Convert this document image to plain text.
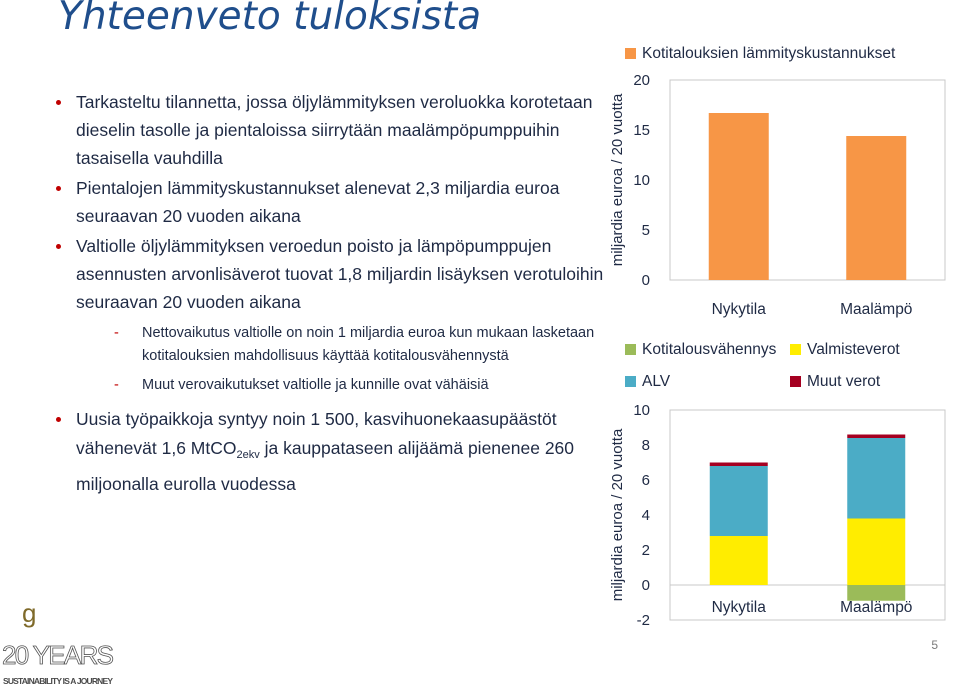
Yhteenveto tuloksista
Tarkasteltu tilannetta, jossa öljylämmityksen veroluokka korotetaan dieselin tasolle ja pientaloissa siirrytään maalämpöpumppuihin tasaisella vauhdilla
Pientalojen lämmityskustannukset alenevat 2,3 miljardia euroa seuraavan 20 vuoden aikana
Valtiolle öljylämmityksen veroedun poisto ja lämpöpumppujen asennusten arvonlisäverot tuovat 1,8 miljardin lisäyksen verotuloihin seuraavan 20 vuoden aikana
- Nettovaikutus valtiolle on noin 1 miljardia euroa kun mukaan lasketaan kotitalouksien mahdollisuus käyttää kotitalousvähennystä
- Muut verovaikutukset valtiolle ja kunnille ovat vähäisiä
Uusia työpaikkoja syntyy noin 1 500, kasvihuonekaasupäästöt vähenevät 1,6 MtCO$_{2ekv}$ ja kauppataseen alijäämä pienenee 260 miljoonalla eurolla vuodessa
g
20 YEARS
SUSTAINABILITY IS A JOURNEY
Kotitalouksien lämmityskustannukset
0
5
10
15
20
miljardia euroa / 20 vuotta
Nykytila	Maalämpö
Kotitalousvähennys Valmisteverot
ALV	Muut verot
-2
0
2
4
6
8
10
miljardia euroa / 20 vuotta
Nykytila	Maalämpö
5
